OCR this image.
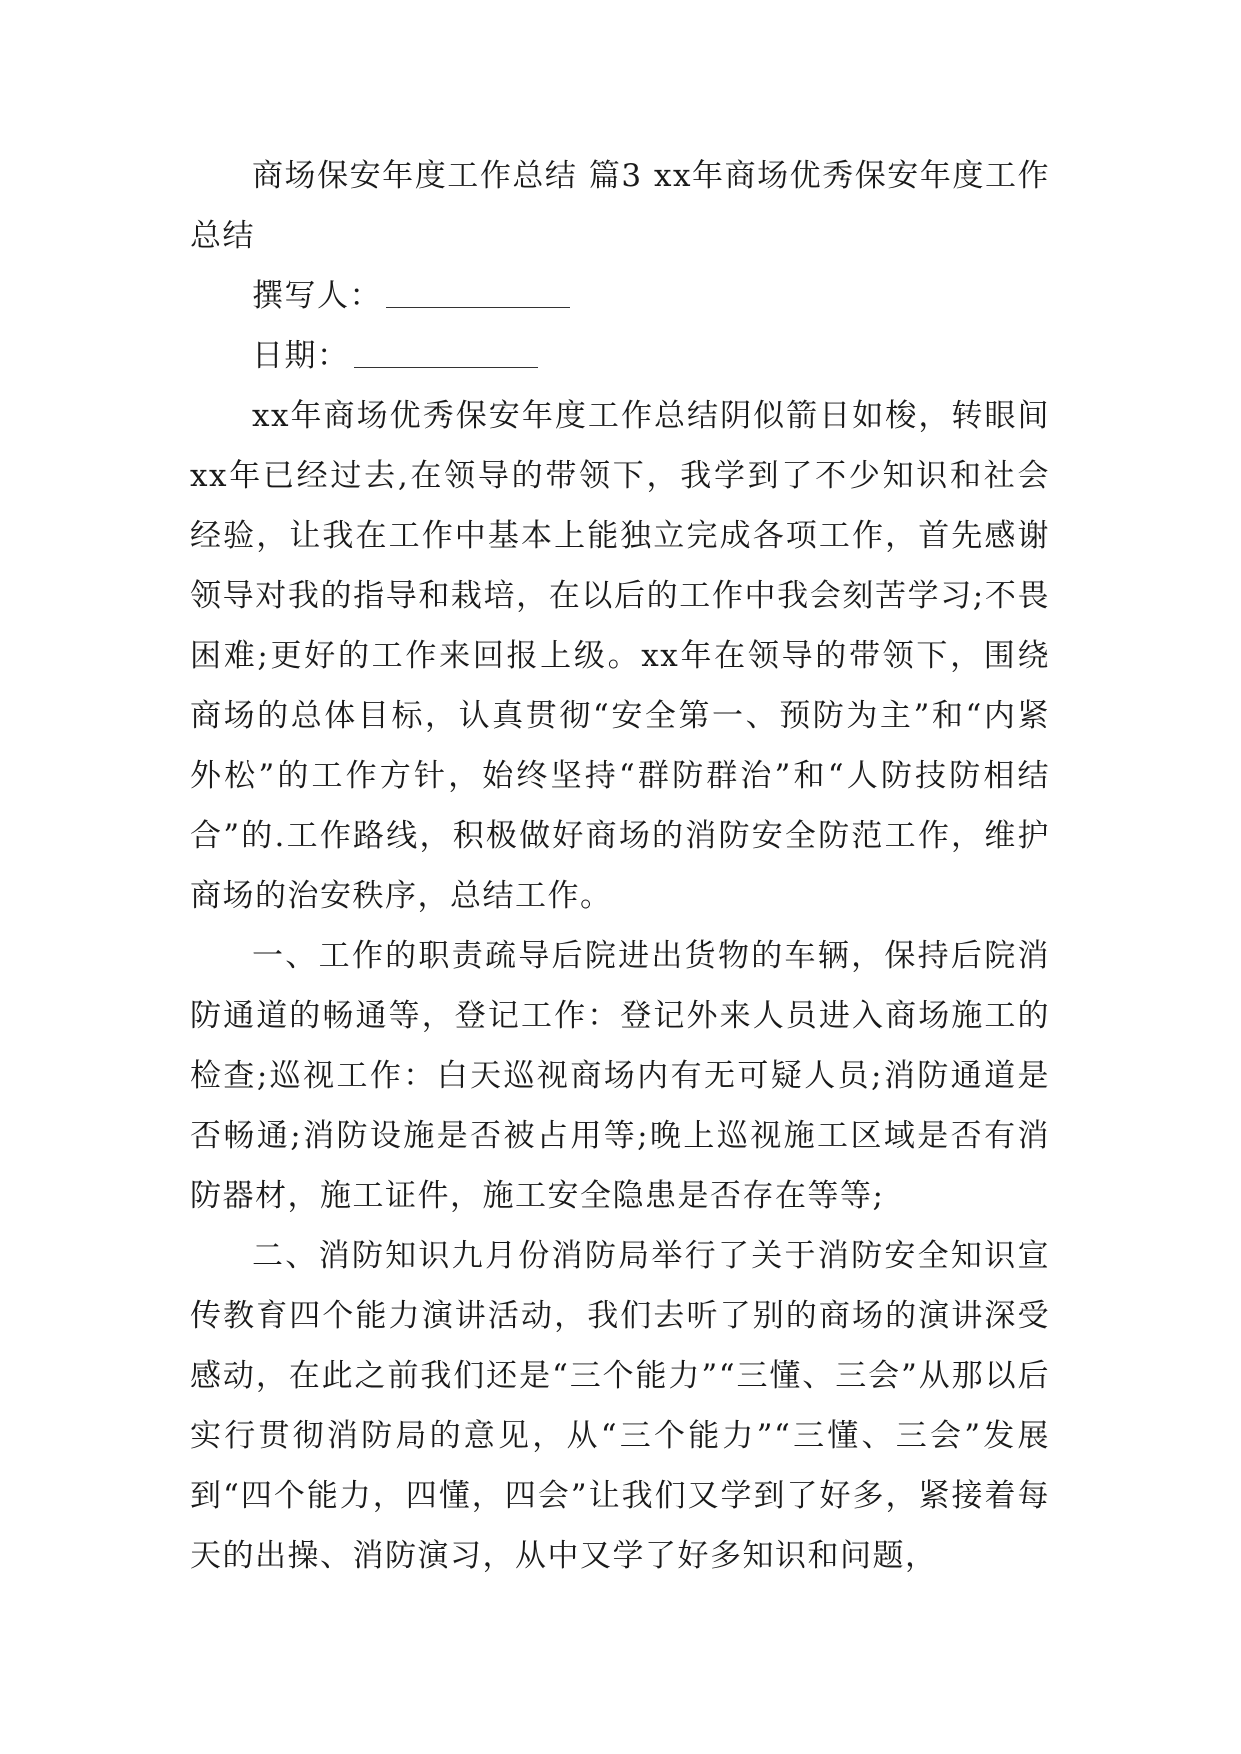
商场保安年度工作总结 篇3 xx年商场优秀保安年度工作总结

撰写人：

日期：

xx年商场优秀保安年度工作总结阴似箭日如梭，转眼间xx年已经过去,在领导的带领下，我学到了不少知识和社会经验，让我在工作中基本上能独立完成各项工作，首先感谢领导对我的指导和栽培，在以后的工作中我会刻苦学习;不畏困难;更好的工作来回报上级。xx年在领导的带领下，围绕商场的总体目标，认真贯彻“安全第一、预防为主”和“内紧外松”的工作方针，始终坚持“群防群治”和“人防技防相结合”的.工作路线，积极做好商场的消防安全防范工作，维护商场的治安秩序，总结工作。

一、工作的职责疏导后院进出货物的车辆，保持后院消防通道的畅通等，登记工作：登记外来人员进入商场施工的检查;巡视工作：白天巡视商场内有无可疑人员;消防通道是否畅通;消防设施是否被占用等;晚上巡视施工区域是否有消防器材，施工证件，施工安全隐患是否存在等等;

二、消防知识九月份消防局举行了关于消防安全知识宣传教育四个能力演讲活动，我们去听了别的商场的演讲深受感动，在此之前我们还是“三个能力”“三懂、三会”从那以后实行贯彻消防局的意见，从“三个能力”“三懂、三会”发展到“四个能力，四懂，四会”让我们又学到了好多，紧接着每天的出操、消防演习，从中又学了好多知识和问题，
